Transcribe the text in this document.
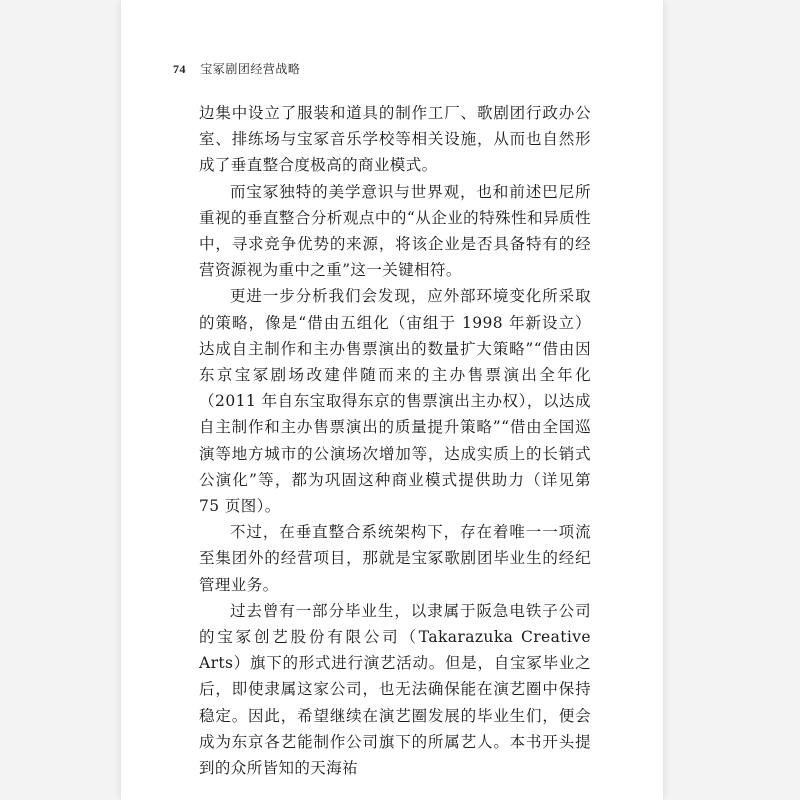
74 宝冢剧团经营战略

边集中设立了服装和道具的制作工厂、歌剧团行政办公室、排练场与宝冢音乐学校等相关设施，从而也自然形成了垂直整合度极高的商业模式。

而宝冢独特的美学意识与世界观，也和前述巴尼所重视的垂直整合分析观点中的“从企业的特殊性和异质性中，寻求竞争优势的来源，将该企业是否具备特有的经营资源视为重中之重”这一关键相符。

更进一步分析我们会发现，应外部环境变化所采取的策略，像是“借由五组化（宙组于 1998 年新设立）达成自主制作和主办售票演出的数量扩大策略”“借由因东京宝冢剧场改建伴随而来的主办售票演出全年化（2011 年自东宝取得东京的售票演出主办权），以达成自主制作和主办售票演出的质量提升策略”“借由全国巡演等地方城市的公演场次增加等，达成实质上的长销式公演化”等，都为巩固这种商业模式提供助力（详见第 75 页图）。

不过，在垂直整合系统架构下，存在着唯一一项流至集团外的经营项目，那就是宝冢歌剧团毕业生的经纪管理业务。

过去曾有一部分毕业生，以隶属于阪急电铁子公司的宝冢创艺股份有限公司（Takarazuka Creative Arts）旗下的形式进行演艺活动。但是，自宝冢毕业之后，即使隶属这家公司，也无法确保能在演艺圈中保持稳定。因此，希望继续在演艺圈发展的毕业生们，便会成为东京各艺能制作公司旗下的所属艺人。本书开头提到的众所皆知的天海祐
